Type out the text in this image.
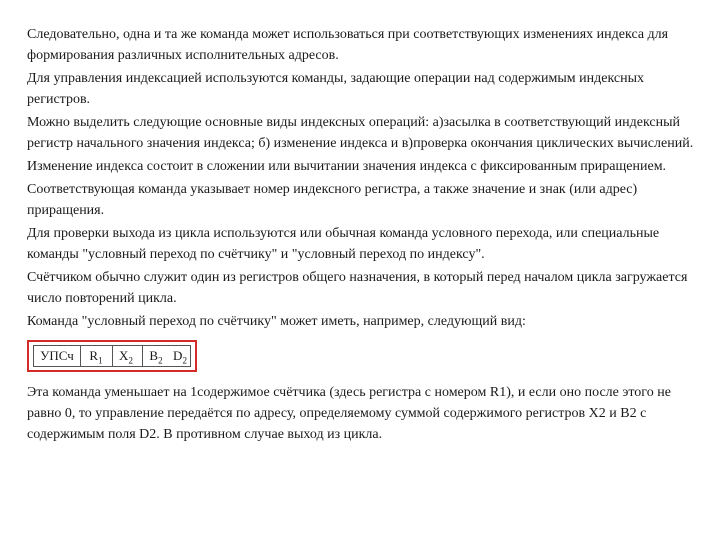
Следовательно, одна и та же команда может использоваться при соответствующих изменениях индекса для формирования различных исполнительных адресов.

Для управления индексацией используются команды, задающие операции над содержимым индексных регистров.

Можно выделить следующие основные виды индексных операций: а)засылка в соответствующий индексный регистр начального значения индекса; б) изменение индекса и в)проверка окончания циклических вычислений.

Изменение индекса состоит в сложении или вычитании значения индекса с фиксированным приращением.

Соответствующая команда указывает номер индексного регистра, а также значение и знак (или адрес) приращения.

Для проверки выхода из цикла используются или обычная команда условного перехода, или специальные команды "условный переход по счётчику" и "условный переход по индексу".

Счётчиком обычно служит один из регистров общего назначения, в который перед началом цикла загружается число повторений цикла.

Команда "условный переход по счётчику" может иметь, например, следующий вид:

УПСч	$R_1$	$X_2$	$B_2$ $D_2$

Эта команда уменьшает на 1содержимое счётчика (здесь регистра с номером R1), и если оно после этого не равно 0, то управление передаётся по адресу, определяемому суммой содержимого регистров X2 и B2 с содержимым поля D2. В противном случае выход из цикла.
